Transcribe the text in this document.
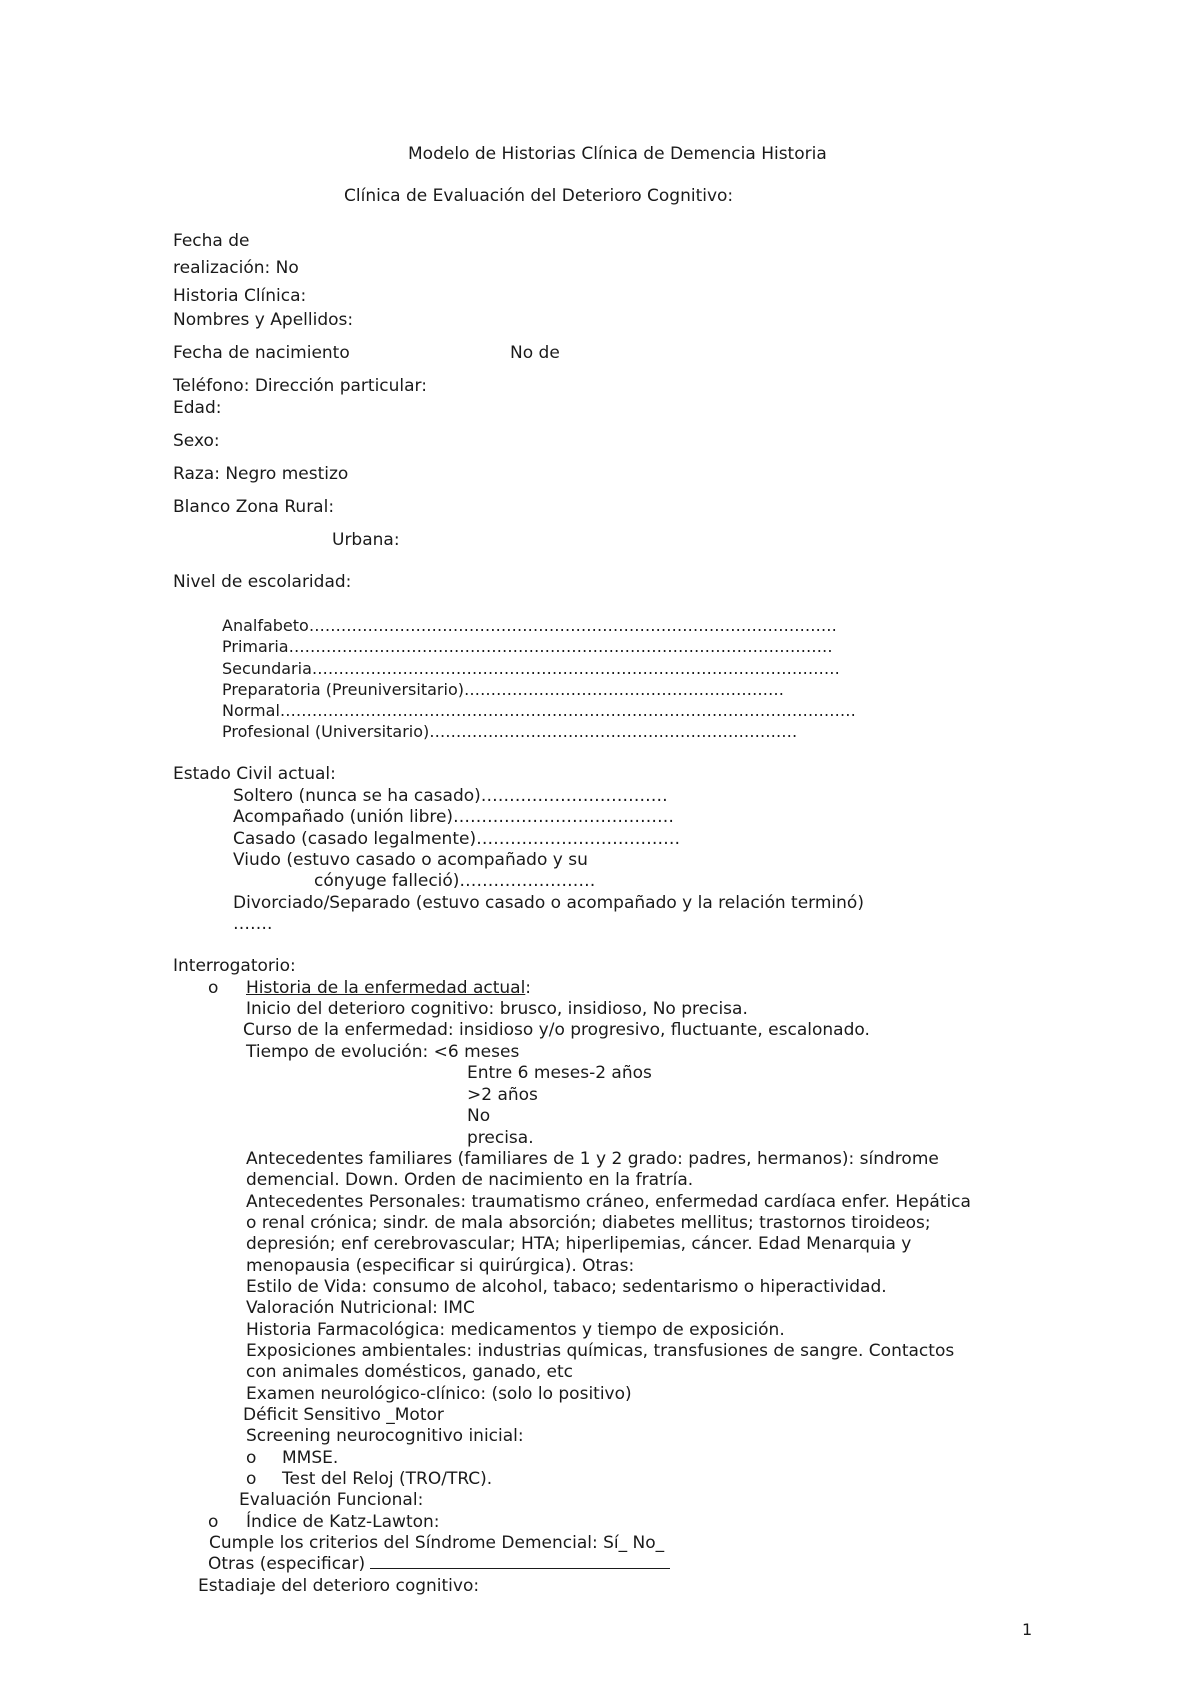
Modelo de Historias Clínica de Demencia Historia
Clínica de Evaluación del Deterioro Cognitivo:
Fecha de
realización: No
Historia Clínica:
Nombres y Apellidos:
Fecha de nacimiento	No de
Teléfono: Dirección particular:
Edad:
Sexo:
Raza: Negro mestizo
Blanco Zona Rural:
Urbana:
Nivel de escolaridad:
Analfabeto………………………………………………………………………………………
Primaria…………………………………………………………………………………………
Secundaria………………………………………………………………………………………
Preparatoria (Preuniversitario)……………………………………………………
Normal………………………………………………………………………………………………
Profesional (Universitario)……………………………………………………………
Estado Civil actual:
Soltero (nunca se ha casado)……………………………
Acompañado (unión libre)…………………………………
Casado (casado legalmente)………………………………
Viudo (estuvo casado o acompañado y su
cónyuge falleció)……………………
Divorciado/Separado (estuvo casado o acompañado y la relación terminó)
…….
Interrogatorio:
o Historia de la enfermedad actual:
Inicio del deterioro cognitivo: brusco, insidioso, No precisa.
Curso de la enfermedad: insidioso y/o progresivo, fluctuante, escalonado.
Tiempo de evolución: <6 meses
Entre 6 meses-2 años
>2 años
No
precisa.
Antecedentes familiares (familiares de 1 y 2 grado: padres, hermanos): síndrome
demencial. Down. Orden de nacimiento en la fratría.
Antecedentes Personales: traumatismo cráneo, enfermedad cardíaca enfer. Hepática
o renal crónica; sindr. de mala absorción; diabetes mellitus; trastornos tiroideos;
depresión; enf cerebrovascular; HTA; hiperlipemias, cáncer. Edad Menarquia y
menopausia (especificar si quirúrgica). Otras:
Estilo de Vida: consumo de alcohol, tabaco; sedentarismo o hiperactividad.
Valoración Nutricional: IMC
Historia Farmacológica: medicamentos y tiempo de exposición.
Exposiciones ambientales: industrias químicas, transfusiones de sangre. Contactos
con animales domésticos, ganado, etc
Examen neurológico-clínico: (solo lo positivo)
Déficit Sensitivo _Motor
Screening neurocognitivo inicial:
o MMSE.
o Test del Reloj (TRO/TRC).
Evaluación Funcional:
o Índice de Katz-Lawton:
Cumple los criterios del Síndrome Demencial: Sí_ No_
Otras (especificar)
Estadiaje del deterioro cognitivo:
1
